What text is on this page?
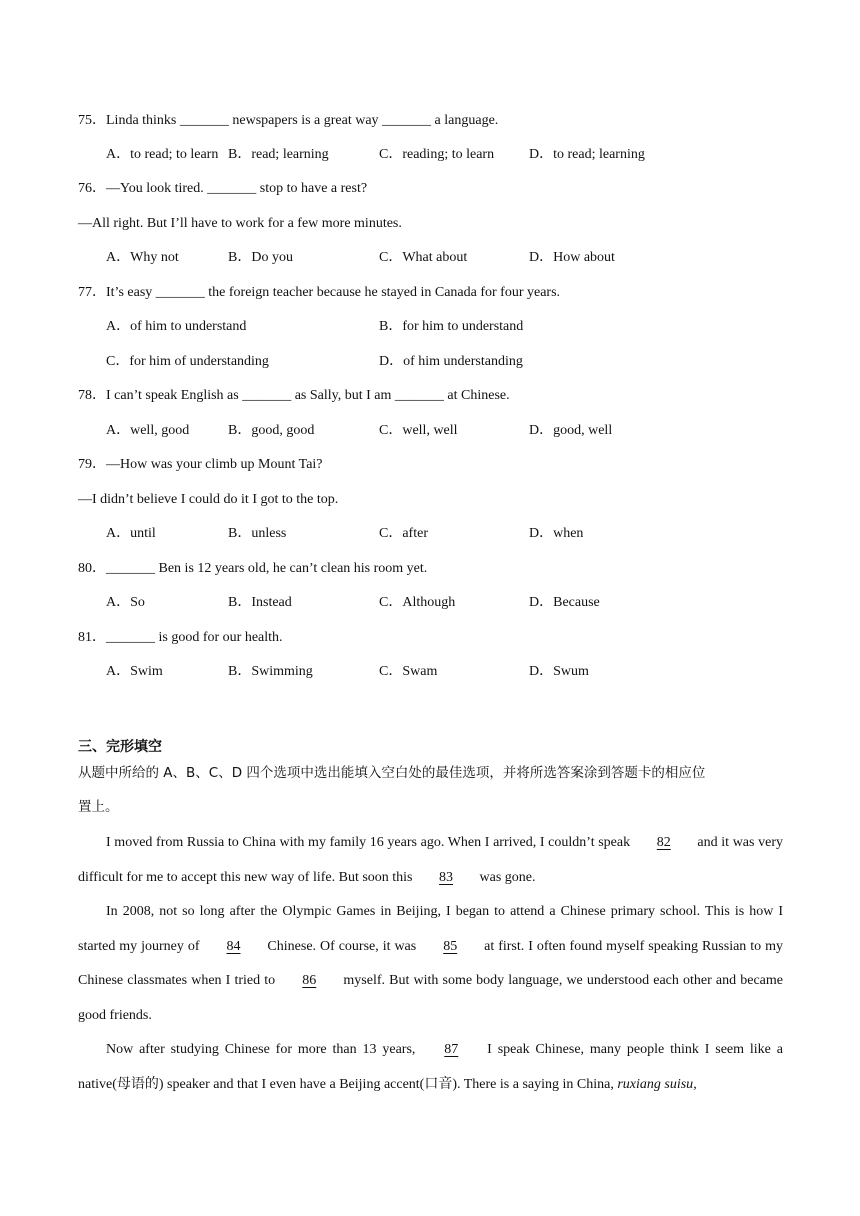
75．Linda thinks _______ newspapers is a great way _______ a language.
A．to read; to learn B．read; learning	C．reading; to learn D．to read; learning
76．—You look tired. _______ stop to have a rest?
—All right. But I’ll have to work for a few more minutes.
A．Why not	B．Do you	C．What about	D．How about
77．It’s easy _______ the foreign teacher because he stayed in Canada for four years.
A．of him to understand	B．for him to understand
C．for him of understanding	D．of him understanding
78．I can’t speak English as _______ as Sally, but I am _______ at Chinese.
A．well, good	B．good, good	C．well, well	D．good, well
79．—How was your climb up Mount Tai?
—I didn’t believe I could do it I got to the top.
A．until	B．unless	C．after	D．when
80．_______ Ben is 12 years old, he can’t clean his room yet.
A．So	B．Instead	C．Although	D．Because
81．_______ is good for our health.
A．Swim	B．Swimming	C．Swam	D．Swum
三、完形填空
从题中所给的 A、B、C、D 四个选项中选出能填入空白处的最佳选项，并将所选答案涂到答题卡的相应位
置上。
I moved from Russia to China with my family 16 years ago. When I arrived, I couldn’t speak 82 and it was very difficult for me to accept this new way of life. But soon this 83 was gone.
In 2008, not so long after the Olympic Games in Beijing, I began to attend a Chinese primary school. This is how I started my journey of 84 Chinese. Of course, it was 85 at first. I often found myself speaking Russian to my Chinese classmates when I tried to 86 myself. But with some body language, we understood each other and became good friends.
Now after studying Chinese for more than 13 years, 87 I speak Chinese, many people think I seem like a native(母语的) speaker and that I even have a Beijing accent(口音). There is a saying in China, ruxiang suisu,
